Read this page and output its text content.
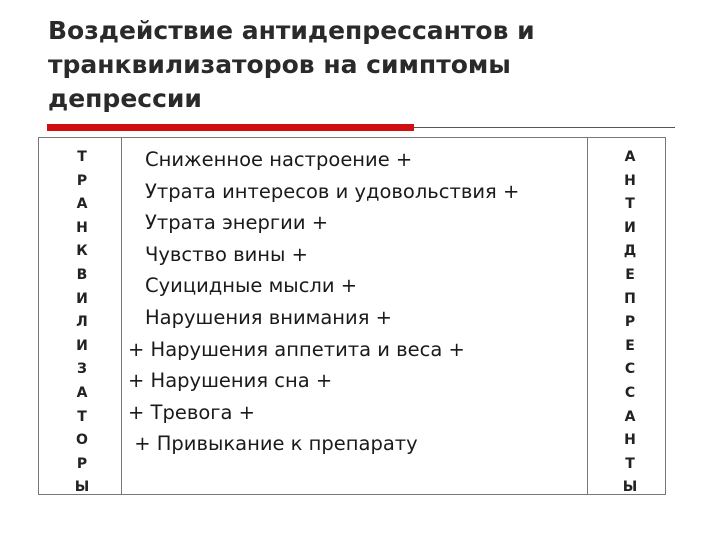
Воздействие антидепрессантов и
транквилизаторов на симптомы
депрессии
Т
Р
А
Н
К
В
И
Л
И
З
А
Т
О
Р
Ы
Сниженное настроение +
Утрата интересов и удовольствия +
Утрата энергии +
Чувство вины +
Суицидные мысли +
Нарушения внимания +
+ Нарушения аппетита и веса +
+ Нарушения сна +
+ Тревога +
+ Привыкание к препарату
А
Н
Т
И
Д
Е
П
Р
Е
С
С
А
Н
Т
Ы
